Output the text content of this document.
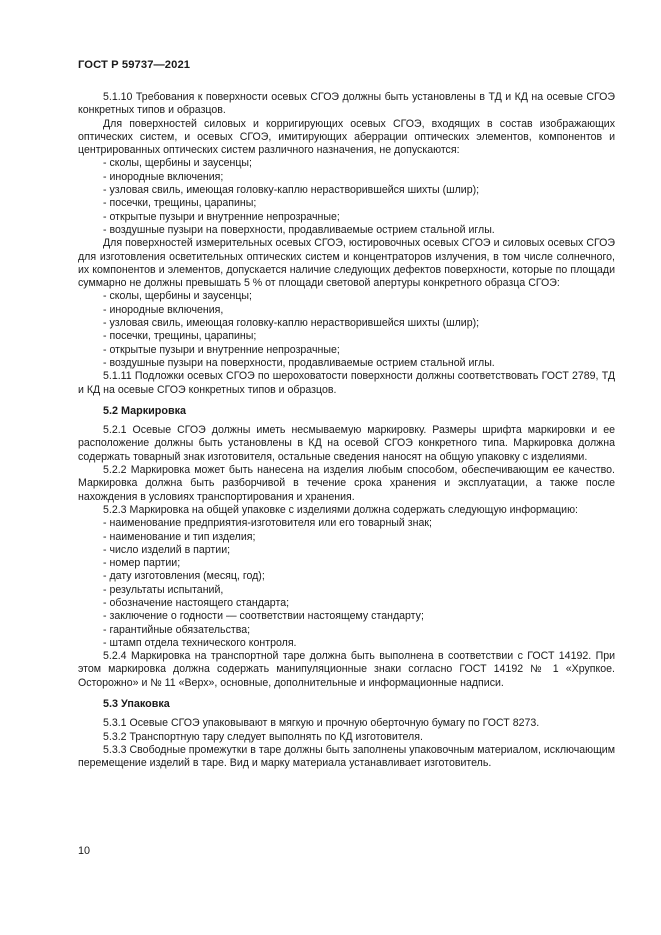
ГОСТ Р 59737—2021

5.1.10 Требования к поверхности осевых СГОЭ должны быть установлены в ТД и КД на осевые СГОЭ конкретных типов и образцов.

Для поверхностей силовых и корригирующих осевых СГОЭ, входящих в состав изображающих оптических систем, и осевых СГОЭ, имитирующих аберрации оптических элементов, компонентов и центрированных оптических систем различного назначения, не допускаются:

- сколы, щербины и заусенцы;
- инородные включения;
- узловая свиль, имеющая головку-каплю нерастворившейся шихты (шлир);
- посечки, трещины, царапины;
- открытые пузыри и внутренние непрозрачные;
- воздушные пузыри на поверхности, продавливаемые острием стальной иглы.

Для поверхностей измерительных осевых СГОЭ, юстировочных осевых СГОЭ и силовых осевых СГОЭ для изготовления осветительных оптических систем и концентраторов излучения, в том числе солнечного, их компонентов и элементов, допускается наличие следующих дефектов поверхности, которые по площади суммарно не должны превышать 5 % от площади световой апертуры конкретного образца СГОЭ:

- сколы, щербины и заусенцы;
- инородные включения,
- узловая свиль, имеющая головку-каплю нерастворившейся шихты (шлир);
- посечки, трещины, царапины;
- открытые пузыри и внутренние непрозрачные;
- воздушные пузыри на поверхности, продавливаемые острием стальной иглы.

5.1.11 Подложки осевых СГОЭ по шероховатости поверхности должны соответствовать ГОСТ 2789, ТД и КД на осевые СГОЭ конкретных типов и образцов.

5.2 Маркировка

5.2.1 Осевые СГОЭ должны иметь несмываемую маркировку. Размеры шрифта маркировки и ее расположение должны быть установлены в КД на осевой СГОЭ конкретного типа. Маркировка должна содержать товарный знак изготовителя, остальные сведения наносят на общую упаковку с изделиями.

5.2.2 Маркировка может быть нанесена на изделия любым способом, обеспечивающим ее качество. Маркировка должна быть разборчивой в течение срока хранения и эксплуатации, а также после нахождения в условиях транспортирования и хранения.

5.2.3 Маркировка на общей упаковке с изделиями должна содержать следующую информацию:

- наименование предприятия-изготовителя или его товарный знак;
- наименование и тип изделия;
- число изделий в партии;
- номер партии;
- дату изготовления (месяц, год);
- результаты испытаний,
- обозначение настоящего стандарта;
- заключение о годности — соответствии настоящему стандарту;
- гарантийные обязательства;
- штамп отдела технического контроля.

5.2.4 Маркировка на транспортной таре должна быть выполнена в соответствии с ГОСТ 14192. При этом маркировка должна содержать манипуляционные знаки согласно ГОСТ 14192 № 1 «Хрупкое. Осторожно» и № 11 «Верх», основные, дополнительные и информационные надписи.

5.3 Упаковка

5.3.1 Осевые СГОЭ упаковывают в мягкую и прочную оберточную бумагу по ГОСТ 8273.

5.3.2 Транспортную тару следует выполнять по КД изготовителя.

5.3.3 Свободные промежутки в таре должны быть заполнены упаковочным материалом, исключающим перемещение изделий в таре. Вид и марку материала устанавливает изготовитель.

10
